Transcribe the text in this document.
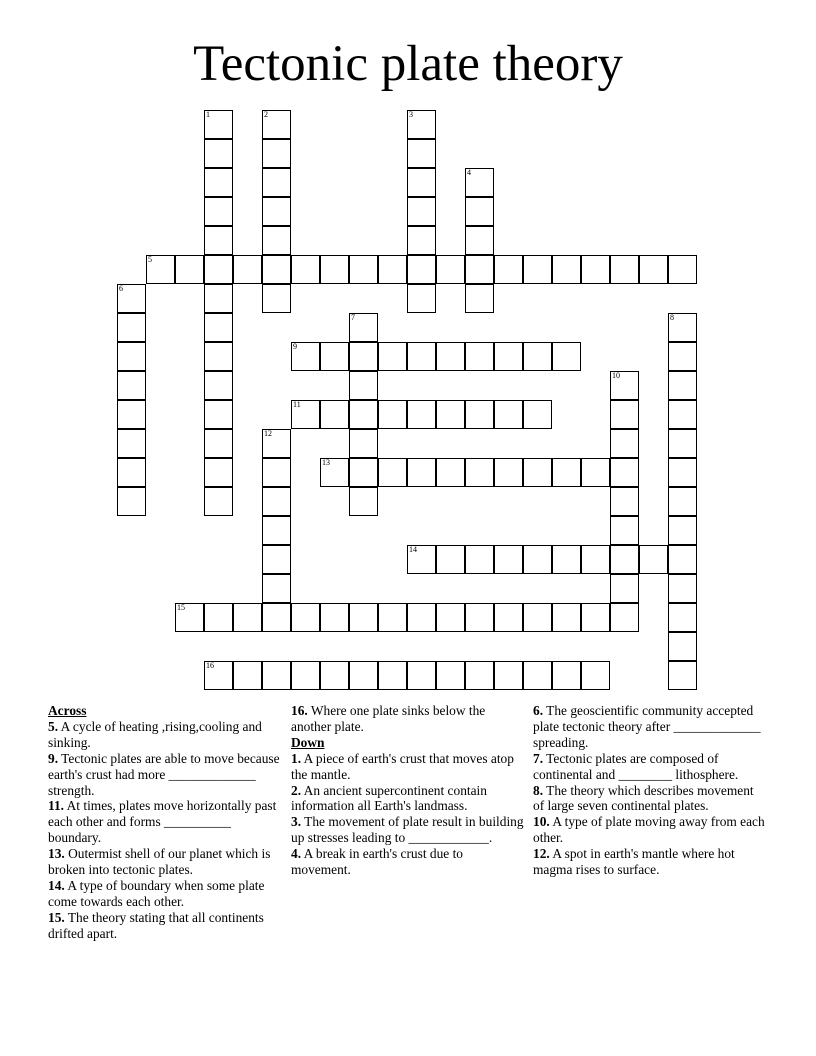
Tectonic plate theory
1	2	3
4
5
6
7	8
9
10
11
12
13
14
15
16

Across

5. A cycle of heating ,rising,cooling and sinking.

9. Tectonic plates are able to move because earth's crust had more _____________ strength.

11. At times, plates move horizontally past each other and forms __________ boundary.

13. Outermist shell of our planet which is broken into tectonic plates.

14. A type of boundary when some plate come towards each other.

15. The theory stating that all continents drifted apart.

16. Where one plate sinks below the another plate.

Down

1. A piece of earth's crust that moves atop the mantle.

2. An ancient supercontinent contain information all Earth's landmass.

3. The movement of plate result in building up stresses leading to ____________.

4. A break in earth's crust due to movement.

6. The geoscientific community accepted plate tectonic theory after _____________ spreading.

7. Tectonic plates are composed of continental and ________ lithosphere.

8. The theory which describes movement of large seven continental plates.

10. A type of plate moving away from each other.

12. A spot in earth's mantle where hot magma rises to surface.
